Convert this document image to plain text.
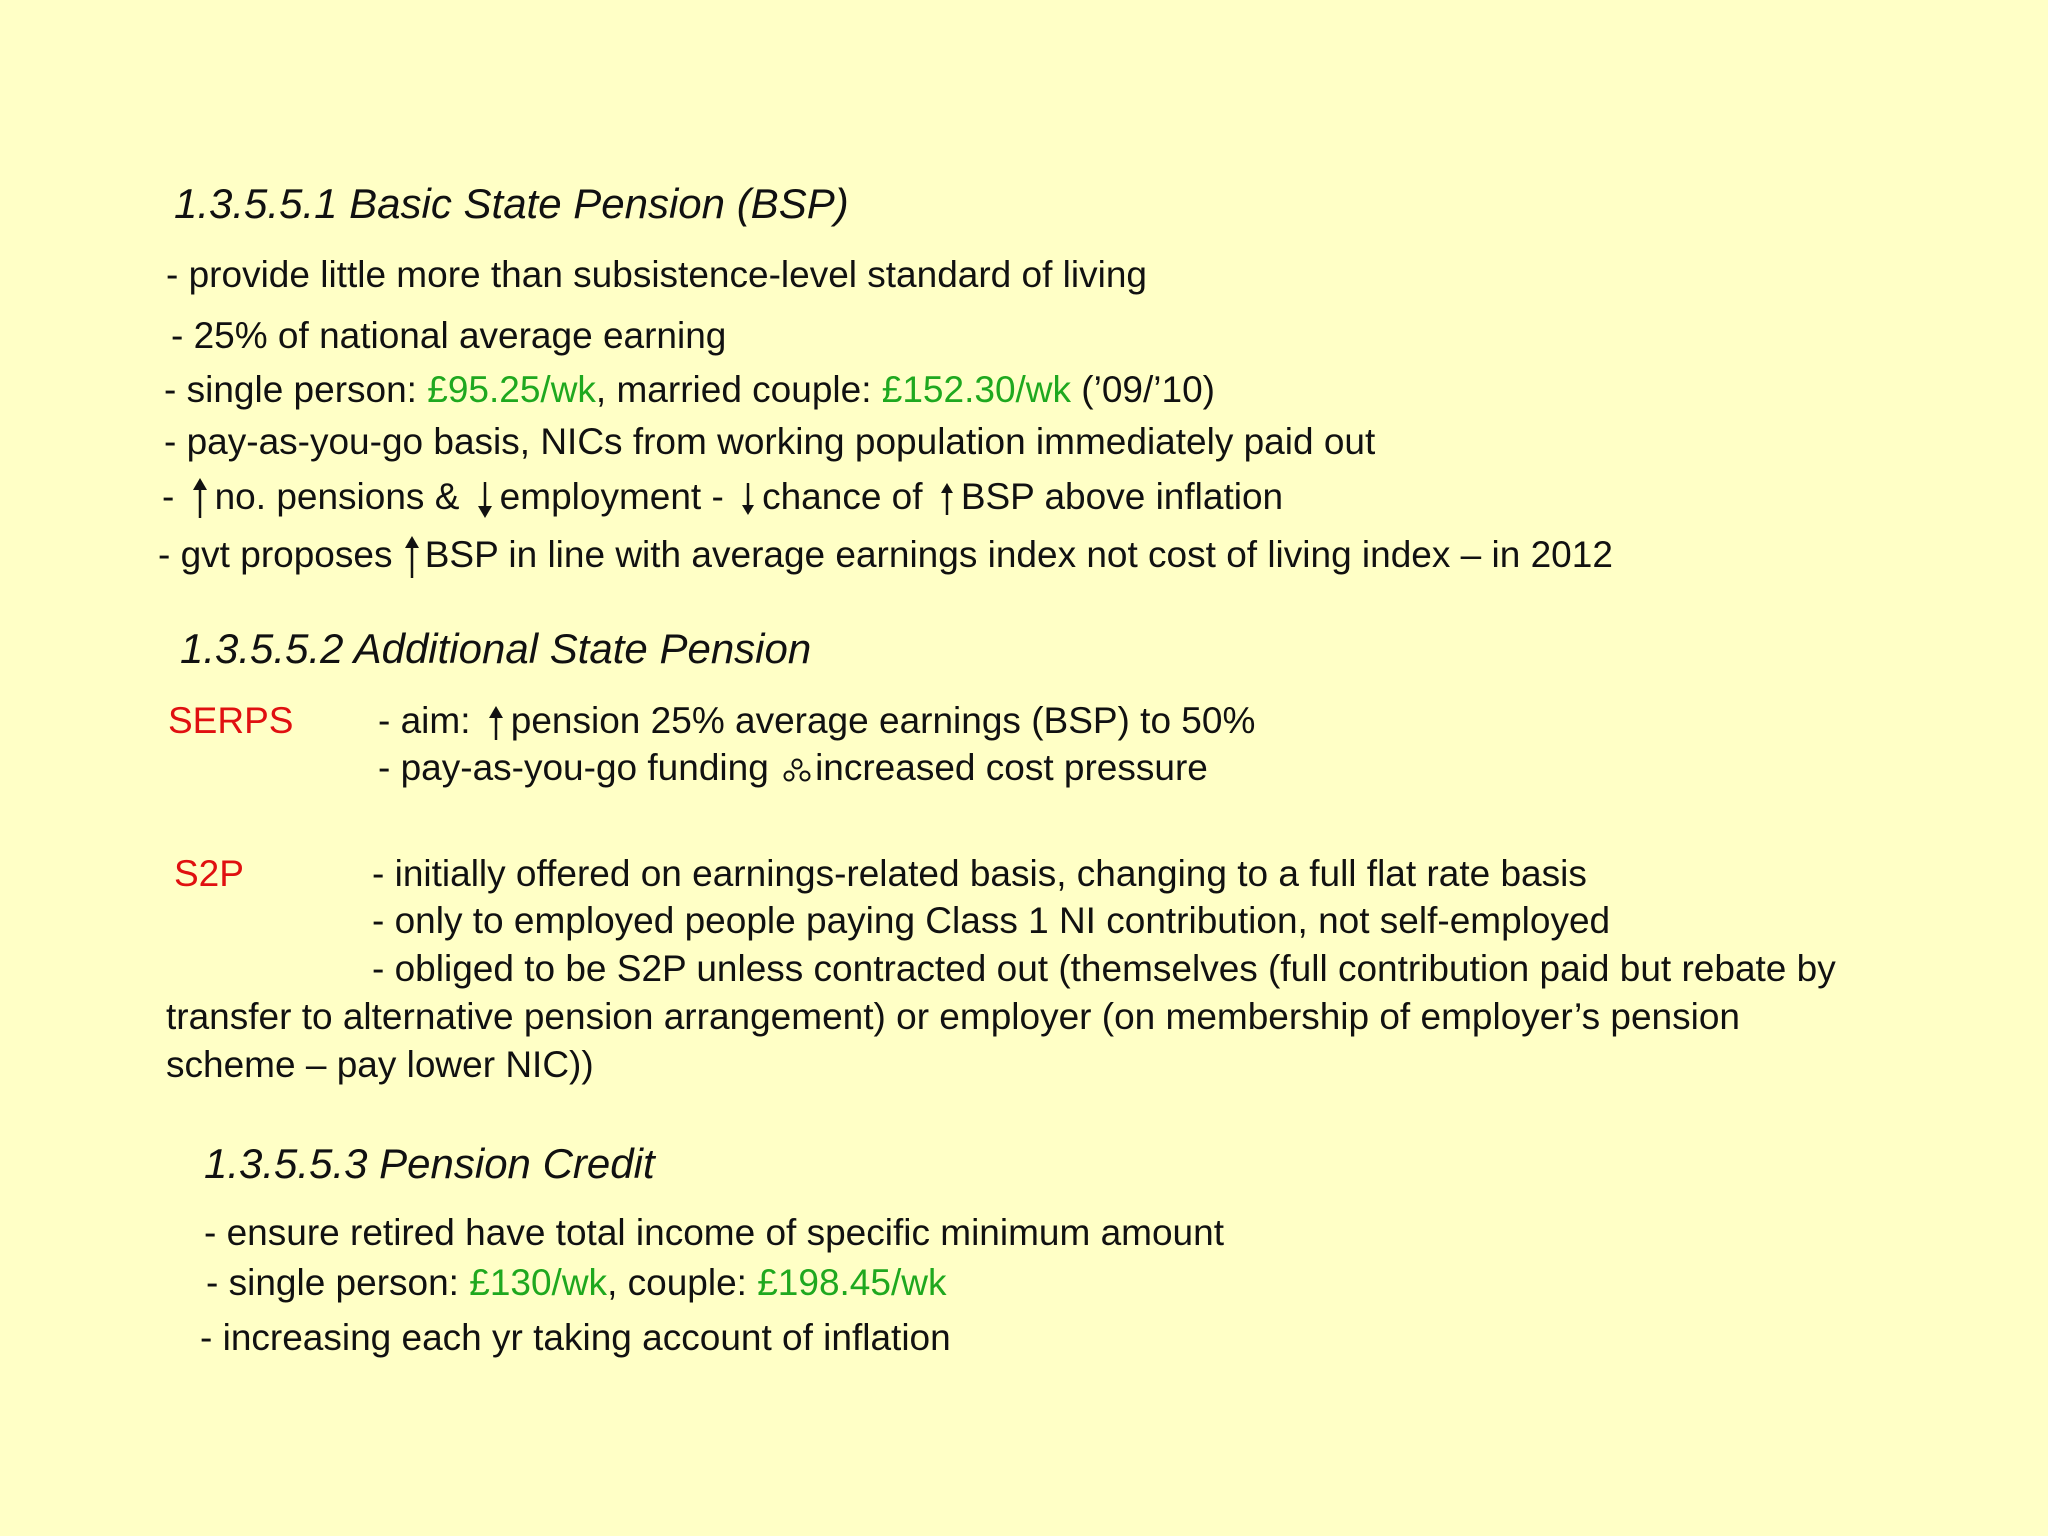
1.3.5.5.1 Basic State Pension (BSP)
- provide little more than subsistence-level standard of living
- 25% of national average earning
- single person: £95.25/wk, married couple: £152.30/wk (’09/’10)
- pay-as-you-go basis, NICs from working population immediately paid out
-
no. pensions &
employment -
chance of
BSP above inflation
- gvt proposes
BSP in line with average earnings index not cost of living index – in 2012
1.3.5.5.2 Additional State Pension
SERPS - aim:
pension 25% average earnings (BSP) to 50%
- pay-as-you-go funding
increased cost pressure
S2P	- initially offered on earnings-related basis, changing to a full flat rate basis
- only to employed people paying Class 1 NI contribution, not self-employed
- obliged to be S2P unless contracted out (themselves (full contribution paid but rebate by
transfer to alternative pension arrangement) or employer (on membership of employer’s pension
scheme – pay lower NIC))
1.3.5.5.3 Pension Credit
- ensure retired have total income of specific minimum amount
- single person: £130/wk, couple: £198.45/wk
- increasing each yr taking account of inflation
